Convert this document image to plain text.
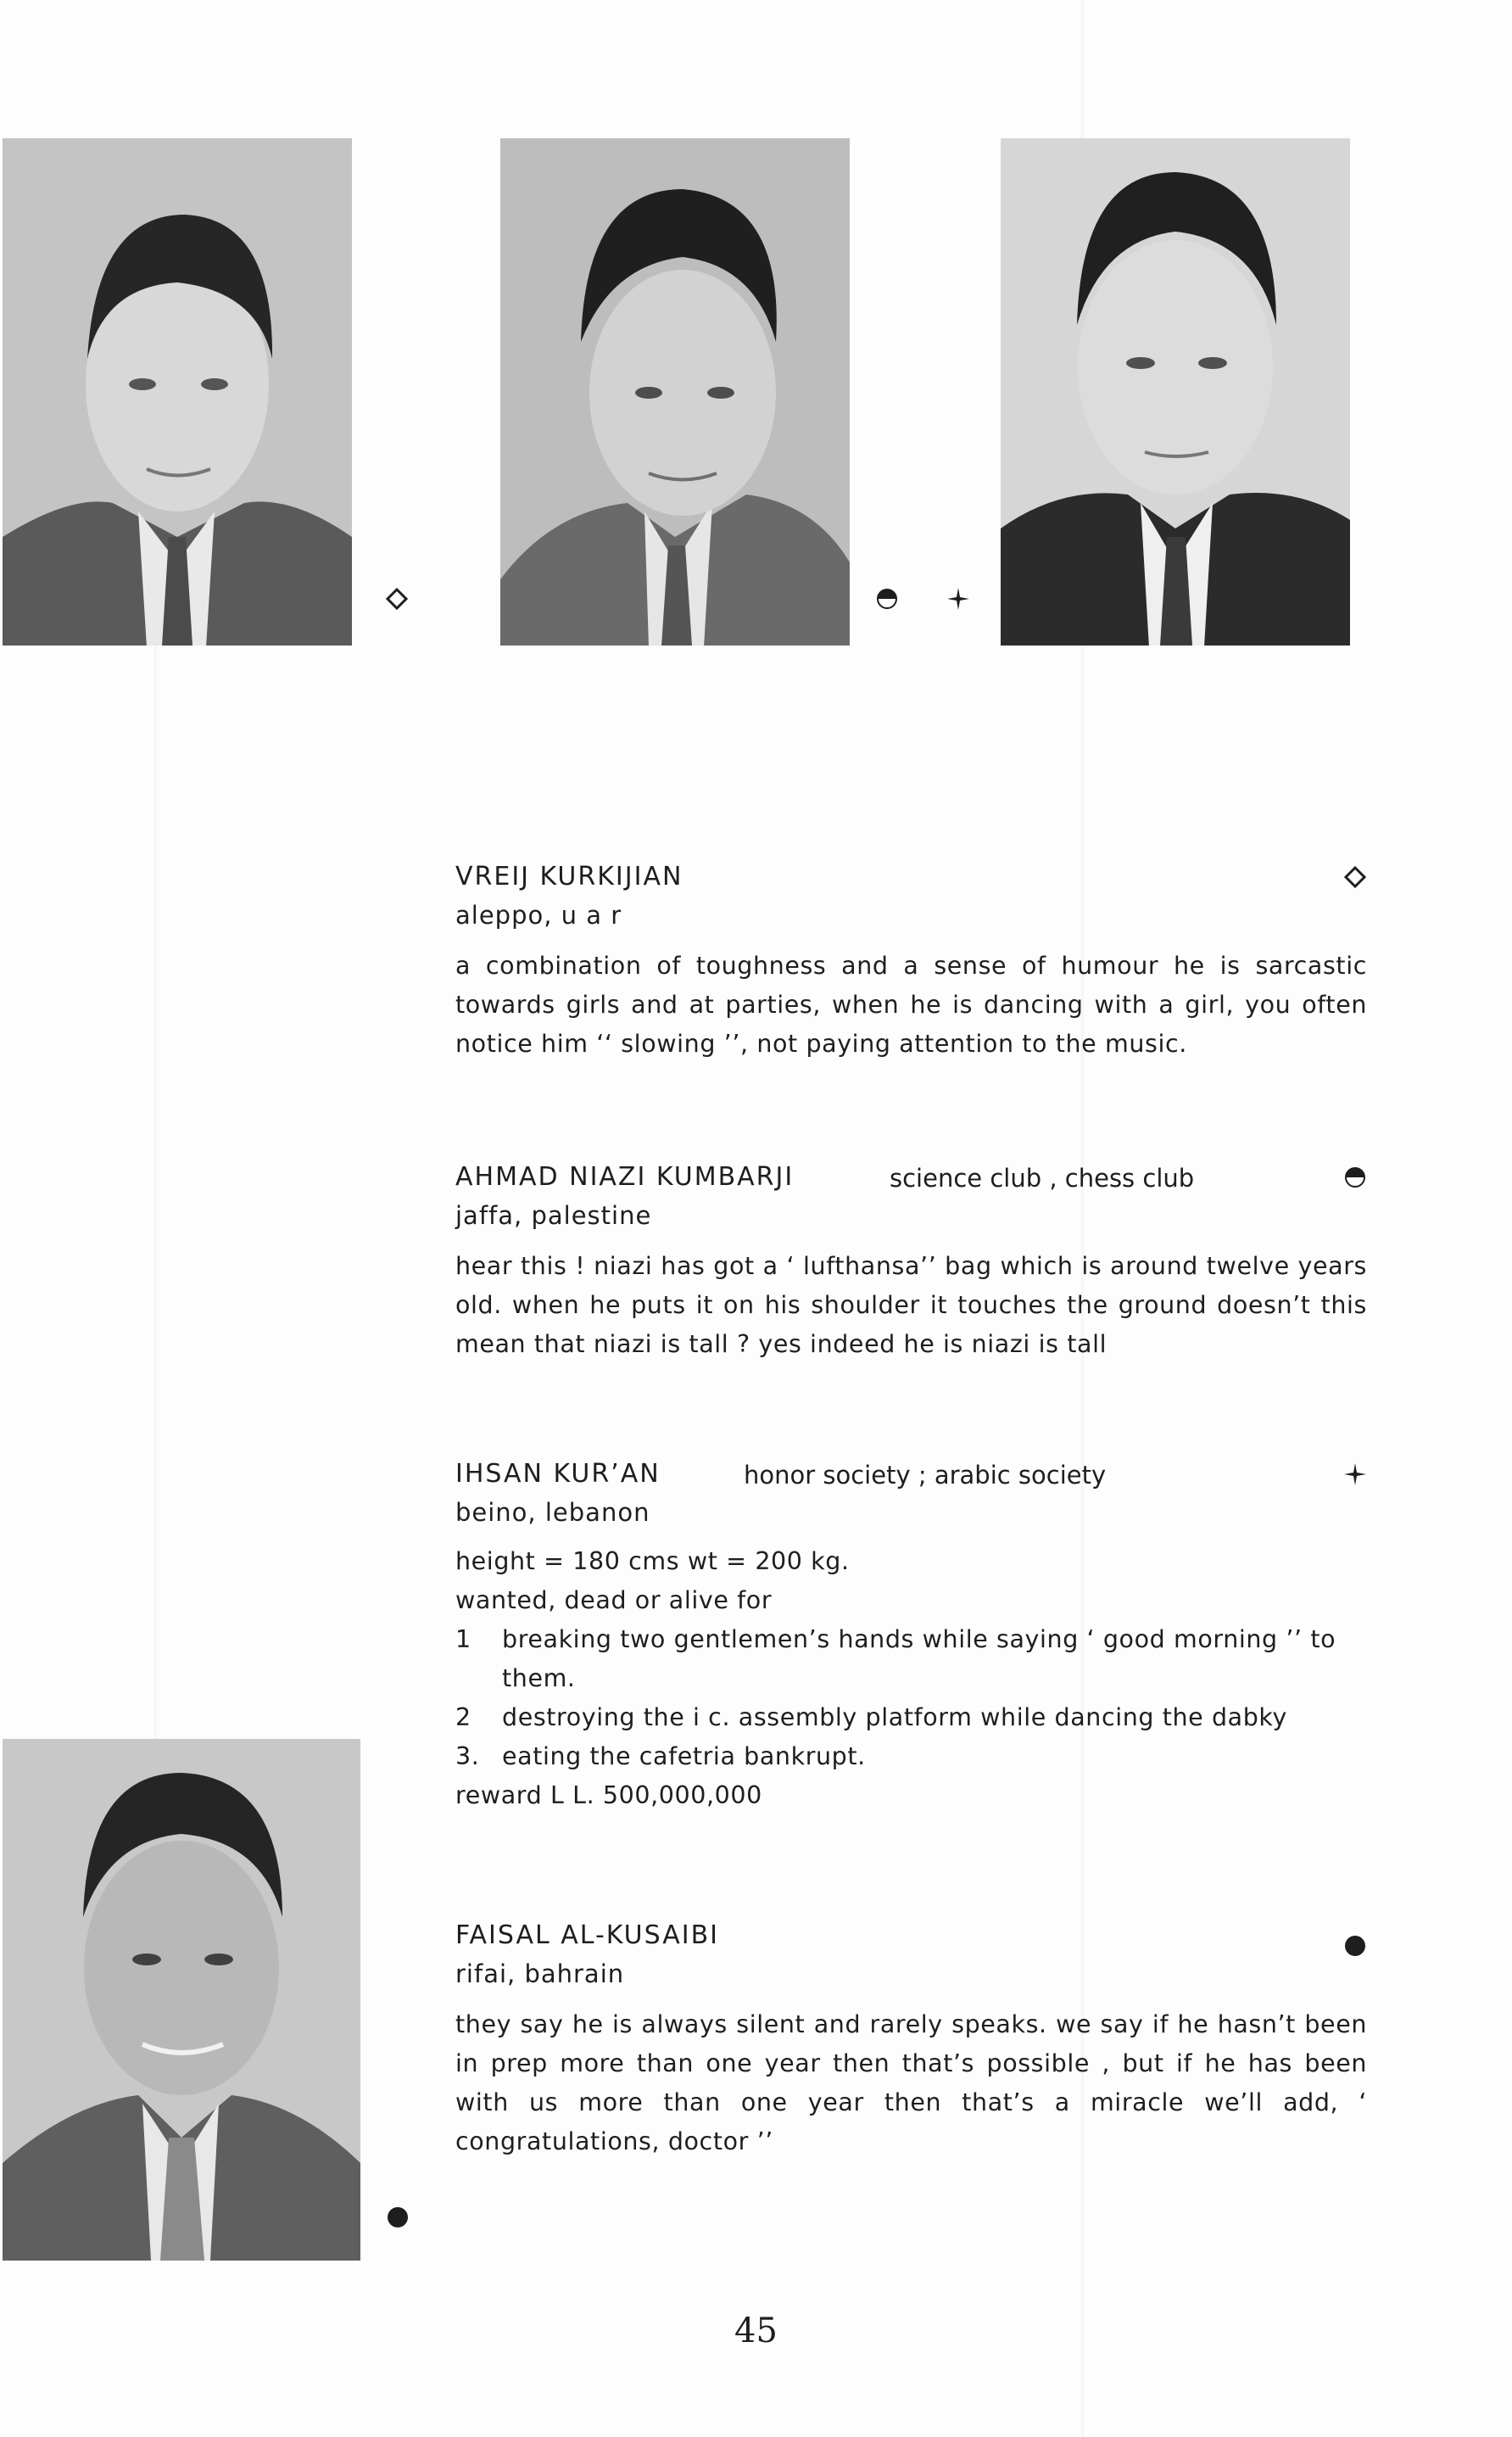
VREIJ KURKIJIAN
aleppo, u a r
a combination of toughness and a sense of humour he is sarcastic towards girls and at parties, when he is dancing with a girl, you often notice him ‘‘ slowing ’’, not paying attention to the music.
AHMAD NIAZI KUMBARJI	science club , chess club
jaffa, palestine
hear this ! niazi has got a ‘ lufthansa’’ bag which is around twelve years old. when he puts it on his shoulder it touches the ground doesn’t this mean that niazi is tall ? yes indeed he is niazi is tall
IHSAN KUR’AN	honor society ; arabic society
beino, lebanon
height = 180 cms wt = 200 kg.
wanted, dead or alive for
1 breaking two gentlemen’s hands while saying ‘ good morning ’’ to them.
2 destroying the i c. assembly platform while dancing the dabky
3. eating the cafetria bankrupt.
reward L L. 500,000,000
FAISAL AL-KUSAIBI
rifai, bahrain
they say he is always silent and rarely speaks. we say if he hasn’t been in prep more than one year then that’s possible , but if he has been with us more than one year then that’s a miracle we’ll add, ‘ congratulations, doctor ’’
45
